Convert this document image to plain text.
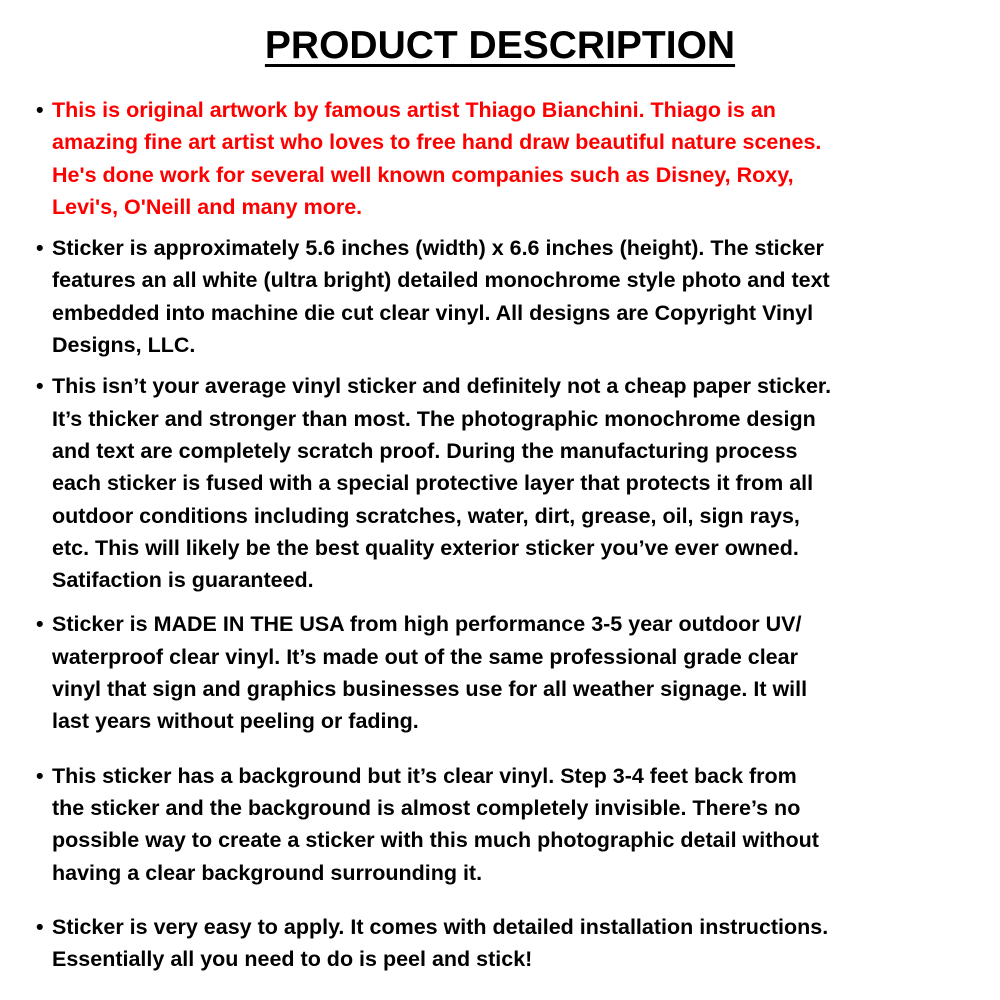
PRODUCT DESCRIPTION
• This is original artwork by famous artist Thiago Bianchini. Thiago is an
amazing fine art artist who loves to free hand draw beautiful nature scenes.
He's done work for several well known companies such as Disney, Roxy,
Levi's, O'Neill and many more.
• Sticker is approximately 5.6 inches (width) x 6.6 inches (height). The sticker
features an all white (ultra bright) detailed monochrome style photo and text
embedded into machine die cut clear vinyl. All designs are Copyright Vinyl
Designs, LLC.
• This isn’t your average vinyl sticker and definitely not a cheap paper sticker.
It’s thicker and stronger than most. The photographic monochrome design
and text are completely scratch proof. During the manufacturing process
each sticker is fused with a special protective layer that protects it from all
outdoor conditions including scratches, water, dirt, grease, oil, sign rays,
etc. This will likely be the best quality exterior sticker you’ve ever owned.
Satifaction is guaranteed.
• Sticker is MADE IN THE USA from high performance 3-5 year outdoor UV/
waterproof clear vinyl. It’s made out of the same professional grade clear
vinyl that sign and graphics businesses use for all weather signage. It will
last years without peeling or fading.
• This sticker has a background but it’s clear vinyl. Step 3-4 feet back from
the sticker and the background is almost completely invisible. There’s no
possible way to create a sticker with this much photographic detail without
having a clear background surrounding it.
• Sticker is very easy to apply. It comes with detailed installation instructions.
Essentially all you need to do is peel and stick!
